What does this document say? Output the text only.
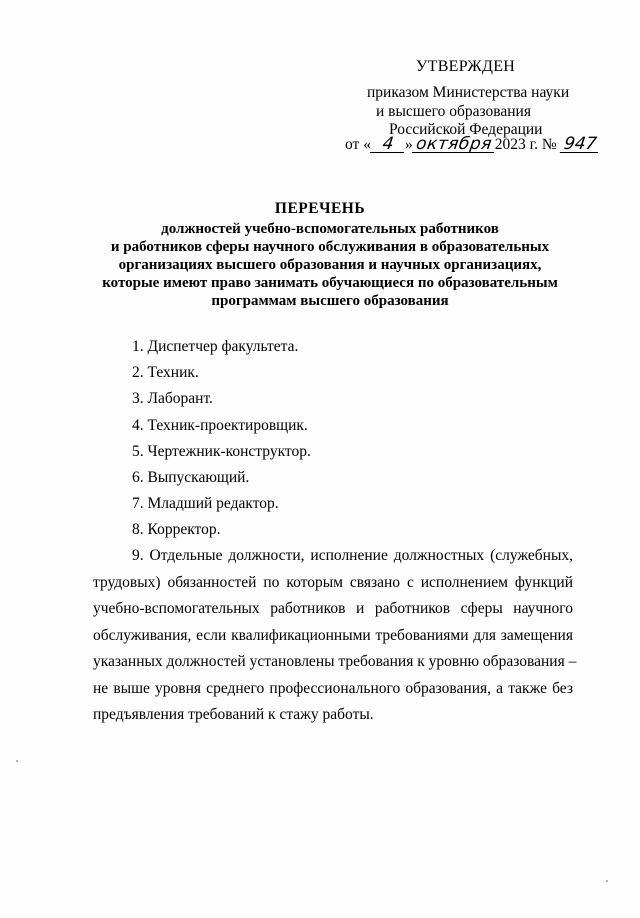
УТВЕРЖДЕН
приказом Министерства науки
и высшего образования
Российской Федерации
от « 4 » октября 2023 г. № 947
ПЕРЕЧЕНЬ
должностей учебно-вспомогательных работников
и работников сферы научного обслуживания в образовательных
организациях высшего образования и научных организациях,
которые имеют право занимать обучающиеся по образовательным
программам высшего образования
1. Диспетчер факультета.
2. Техник.
3. Лаборант.
4. Техник-проектировщик.
5. Чертежник-конструктор.
6. Выпускающий.
7. Младший редактор.
8. Корректор.
9. Отдельные должности, исполнение должностных (служебных,
трудовых) обязанностей по которым связано с исполнением функций
учебно-вспомогательных работников и работников сферы научного
обслуживания, если квалификационными требованиями для замещения
указанных должностей установлены требования к уровню образования –
не выше уровня среднего профессионального образования, а также без
предъявления требований к стажу работы.
